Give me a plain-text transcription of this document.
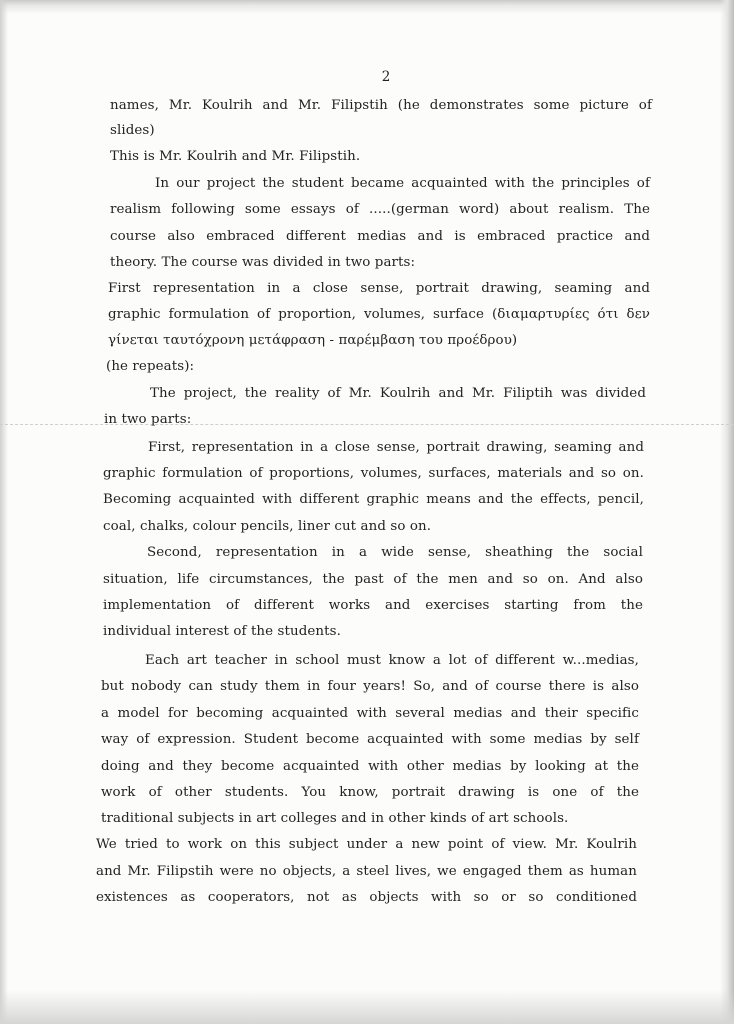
2
names, Mr. Koulrih and Mr. Filipstih (he demonstrates some picture of
slides)
This is Mr. Koulrih and Mr. Filipstih.
In our project the student became acquainted with the principles of
realism following some essays of .....(german word) about realism. The
course also embraced different medias and is embraced practice and
theory. The course was divided in two parts:
First representation in a close sense, portrait drawing, seaming and
graphic formulation of proportion, volumes, surface (διαμαρτυρίες ότι δεν
γίνεται ταυτόχρονη μετάφραση - παρέμβαση του προέδρου)
(he repeats):
The project, the reality of Mr. Koulrih and Mr. Filiptih was divided
in two parts:
First, representation in a close sense, portrait drawing, seaming and
graphic formulation of proportions, volumes, surfaces, materials and so on.
Becoming acquainted with different graphic means and the effects, pencil,
coal, chalks, colour pencils, liner cut and so on.
Second, representation in a wide sense, sheathing the social
situation, life circumstances, the past of the men and so on. And also
implementation of different works and exercises starting from the
individual interest of the students.
Each art teacher in school must know a lot of different w...medias,
but nobody can study them in four years! So, and of course there is also
a model for becoming acquainted with several medias and their specific
way of expression. Student become acquainted with some medias by self
doing and they become acquainted with other medias by looking at the
work of other students. You know, portrait drawing is one of the
traditional subjects in art colleges and in other kinds of art schools.
We tried to work on this subject under a new point of view. Mr. Koulrih
and Mr. Filipstih were no objects, a steel lives, we engaged them as human
existences as cooperators, not as objects with so or so conditioned
